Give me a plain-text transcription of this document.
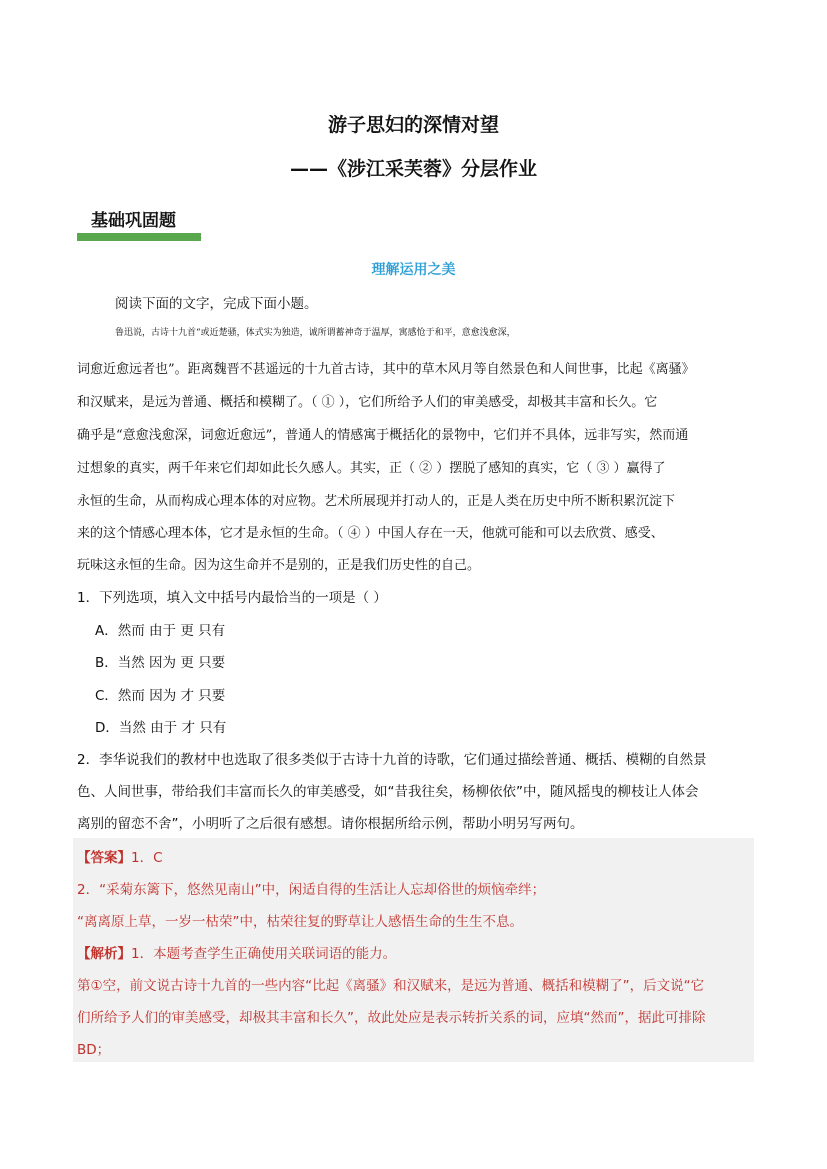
游子思妇的深情对望
——《涉江采芙蓉》分层作业
基础巩固题
理解运用之美
阅读下面的文字，完成下面小题。
鲁迅说，古诗十九首“或近楚骚，体式实为独造，诚所谓蓄神奇于温厚，寓感怆于和平，意愈浅愈深，
词愈近愈远者也”。距离魏晋不甚遥远的十九首古诗，其中的草木风月等自然景色和人间世事，比起《离骚》
和汉赋来，是远为普通、概括和模糊了。（ ① ），它们所给予人们的审美感受，却极其丰富和长久。它
确乎是“意愈浅愈深，词愈近愈远”，普通人的情感寓于概括化的景物中，它们并不具体，远非写实，然而通
过想象的真实，两千年来它们却如此长久感人。其实，正（ ② ）摆脱了感知的真实，它（ ③ ）赢得了
永恒的生命，从而构成心理本体的对应物。艺术所展现并打动人的，正是人类在历史中所不断积累沉淀下
来的这个情感心理本体，它才是永恒的生命。（ ④ ）中国人存在一天，他就可能和可以去欣赏、感受、
玩味这永恒的生命。因为这生命并不是别的，正是我们历史性的自己。
1．下列选项，填入文中括号内最恰当的一项是（ ）
A．然而 由于 更 只有
B．当然 因为 更 只要
C．然而 因为 才 只要
D．当然 由于 才 只有
2．李华说我们的教材中也选取了很多类似于古诗十九首的诗歌，它们通过描绘普通、概括、模糊的自然景
色、人间世事，带给我们丰富而长久的审美感受，如“昔我往矣，杨柳依依”中，随风摇曳的柳枝让人体会
离别的留恋不舍”，小明听了之后很有感想。请你根据所给示例，帮助小明另写两句。
【答案】1．C
2．“采菊东篱下，悠然见南山”中，闲适自得的生活让人忘却俗世的烦恼牵绊；
“离离原上草，一岁一枯荣”中，枯荣往复的野草让人感悟生命的生生不息。
【解析】1．本题考查学生正确使用关联词语的能力。
第①空，前文说古诗十九首的一些内容“比起《离骚》和汉赋来，是远为普通、概括和模糊了”，后文说“它
们所给予人们的审美感受，却极其丰富和长久”，故此处应是表示转折关系的词，应填“然而”，据此可排除
BD；
